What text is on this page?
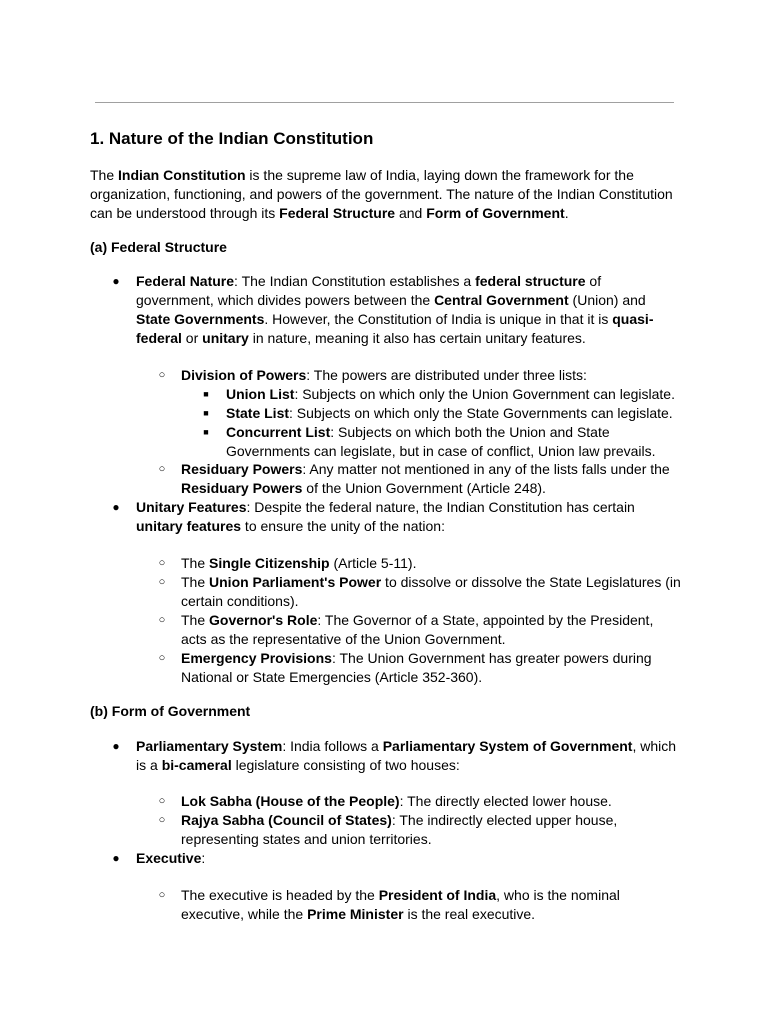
1. Nature of the Indian Constitution

The Indian Constitution is the supreme law of India, laying down the framework for the organization, functioning, and powers of the government. The nature of the Indian Constitution can be understood through its Federal Structure and Form of Government.

(a) Federal Structure
● Federal Nature: The Indian Constitution establishes a federal structure of government, which divides powers between the Central Government (Union) and State Governments. However, the Constitution of India is unique in that it is quasi-federal or unitary in nature, meaning it also has certain unitary features.

○ Division of Powers: The powers are distributed under three lists:

■ Union List: Subjects on which only the Union Government can legislate.

■ State List: Subjects on which only the State Governments can legislate.

■ Concurrent List: Subjects on which both the Union and State Governments can legislate, but in case of conflict, Union law prevails.

○ Residuary Powers: Any matter not mentioned in any of the lists falls under the Residuary Powers of the Union Government (Article 248).

● Unitary Features: Despite the federal nature, the Indian Constitution has certain unitary features to ensure the unity of the nation:

○ The Single Citizenship (Article 5-11).

○ The Union Parliament's Power to dissolve or dissolve the State Legislatures (in certain conditions).

○ The Governor's Role: The Governor of a State, appointed by the President, acts as the representative of the Union Government.

○ Emergency Provisions: The Union Government has greater powers during National or State Emergencies (Article 352-360).

(b) Form of Government
● Parliamentary System: India follows a Parliamentary System of Government, which is a bi-cameral legislature consisting of two houses:

○ Lok Sabha (House of the People): The directly elected lower house.

○ Rajya Sabha (Council of States): The indirectly elected upper house, representing states and union territories.

● Executive:

○ The executive is headed by the President of India, who is the nominal executive, while the Prime Minister is the real executive.
